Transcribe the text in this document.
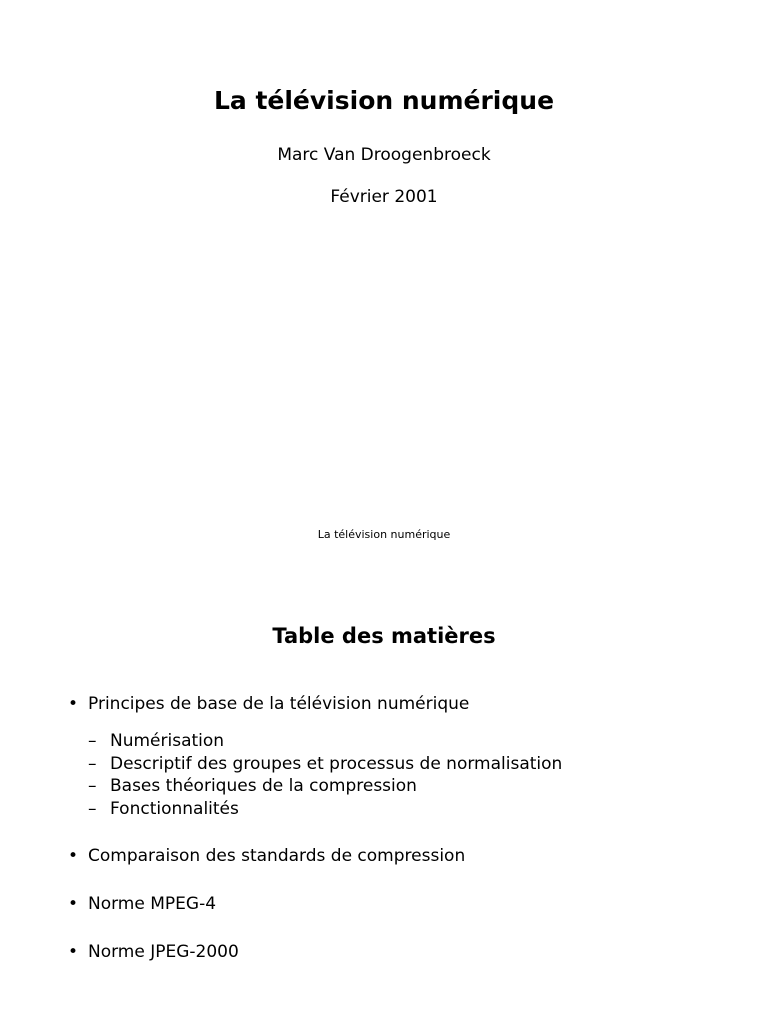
La télévision numérique
Marc Van Droogenbroeck
Février 2001
La télévision numérique
Table des matières
• Principes de base de la télévision numérique
– Numérisation
– Descriptif des groupes et processus de normalisation
– Bases théoriques de la compression
– Fonctionnalités
• Comparaison des standards de compression
• Norme MPEG-4
• Norme JPEG-2000
